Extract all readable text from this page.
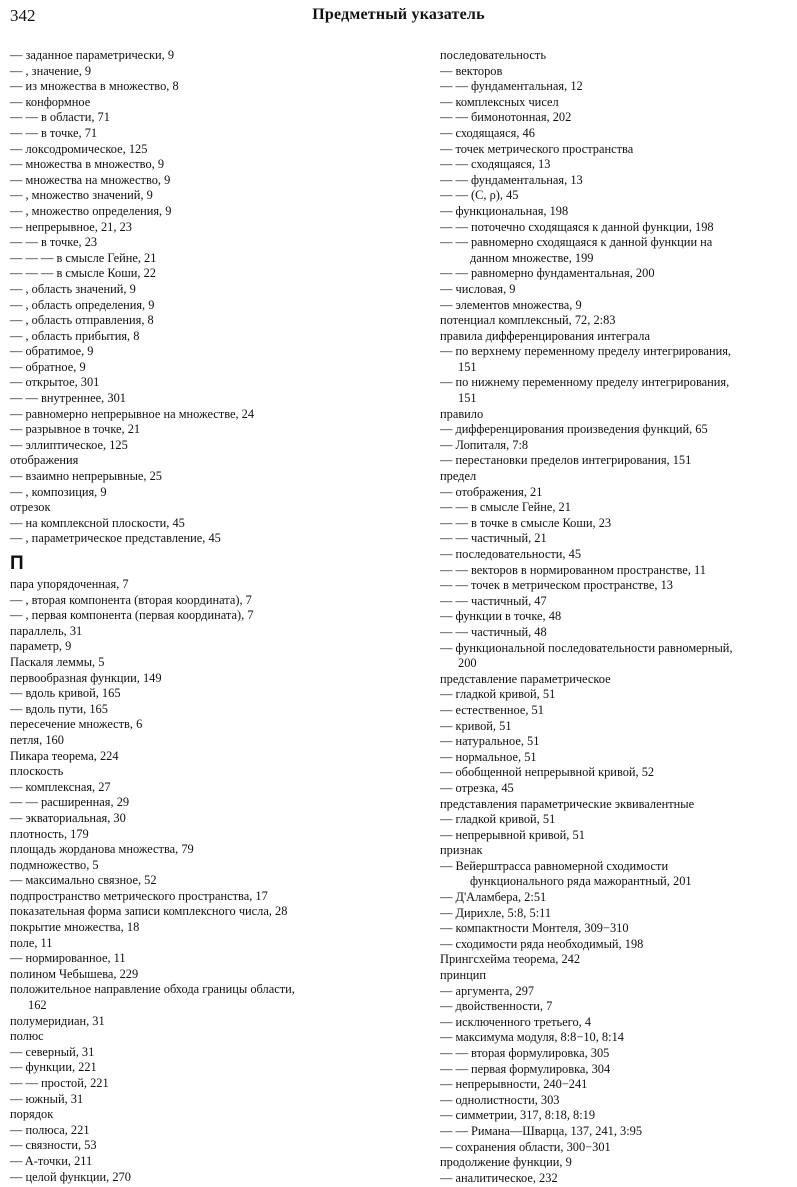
342	Предметный указатель
— заданное параметрически, 9
— , значение, 9
— из множества в множество, 8
— конформное
— — в области, 71
— — в точке, 71
— локсодромическое, 125
— множества в множество, 9
— множества на множество, 9
— , множество значений, 9
— , множество определения, 9
— непрерывное, 21, 23
— — в точке, 23
— — — в смысле Гейне, 21
— — — в смысле Коши, 22
— , область значений, 9
— , область определения, 9
— , область отправления, 8
— , область прибытия, 8
— обратимое, 9
— обратное, 9
— открытое, 301
— — внутреннее, 301
— равномерно непрерывное на множестве, 24
— разрывное в точке, 21
— эллиптическое, 125
отображения
— взаимно непрерывные, 25
— , композиция, 9
отрезок
— на комплексной плоскости, 45
— , параметрическое представление, 45
П
пара упорядоченная, 7
— , вторая компонента (вторая координата), 7
— , первая компонента (первая координата), 7
параллель, 31
параметр, 9
Паскаля леммы, 5
первообразная функции, 149
— вдоль кривой, 165
— вдоль пути, 165
пересечение множеств, 6
петля, 160
Пикара теорема, 224
плоскость
— комплексная, 27
— — расширенная, 29
— экваториальная, 30
плотность, 179
площадь жорданова множества, 79
подмножество, 5
— максимально связное, 52
подпространство метрического пространства, 17
показательная форма записи комплексного числа, 28
покрытие множества, 18
поле, 11
— нормированное, 11
полином Чебышева, 229
положительное направление обхода границы области,
162
полумеридиан, 31
полюс
— северный, 31
— функции, 221
— — простой, 221
— южный, 31
порядок
— полюса, 221
— связности, 53
— A-точки, 211
— целой функции, 270
последовательность
— векторов
— — фундаментальная, 12
— комплексных чисел
— — бимонотонная, 202
— сходящаяся, 46
— точек метрического пространства
— — сходящаяся, 13
— — фундаментальная, 13
— — (C, ρ), 45
— функциональная, 198
— — поточечно сходящаяся к данной функции, 198
— — равномерно сходящаяся к данной функции на
данном множестве, 199
— — равномерно фундаментальная, 200
— числовая, 9
— элементов множества, 9
потенциал комплексный, 72, 2:83
правила дифференцирования интеграла
— по верхнему переменному пределу интегрирования,
151
— по нижнему переменному пределу интегрирования,
151
правило
— дифференцирования произведения функций, 65
— Лопиталя, 7:8
— перестановки пределов интегрирования, 151
предел
— отображения, 21
— — в смысле Гейне, 21
— — в точке в смысле Коши, 23
— — частичный, 21
— последовательности, 45
— — векторов в нормированном пространстве, 11
— — точек в метрическом пространстве, 13
— — частичный, 47
— функции в точке, 48
— — частичный, 48
— функциональной последовательности равномерный,
200
представление параметрическое
— гладкой кривой, 51
— естественное, 51
— кривой, 51
— натуральное, 51
— нормальное, 51
— обобщенной непрерывной кривой, 52
— отрезка, 45
представления параметрические эквивалентные
— гладкой кривой, 51
— непрерывной кривой, 51
признак
— Вейерштрасса равномерной сходимости
функционального ряда мажорантный, 201
— Д'Аламбера, 2:51
— Дирихле, 5:8, 5:11
— компактности Монтеля, 309−310
— сходимости ряда необходимый, 198
Прингсхейма теорема, 242
принцип
— аргумента, 297
— двойственности, 7
— исключенного третьего, 4
— максимума модуля, 8:8−10, 8:14
— — вторая формулировка, 305
— — первая формулировка, 304
— непрерывности, 240−241
— однолистности, 303
— симметрии, 317, 8:18, 8:19
— — Римана—Шварца, 137, 241, 3:95
— сохранения области, 300−301
продолжение функции, 9
— аналитическое, 232
